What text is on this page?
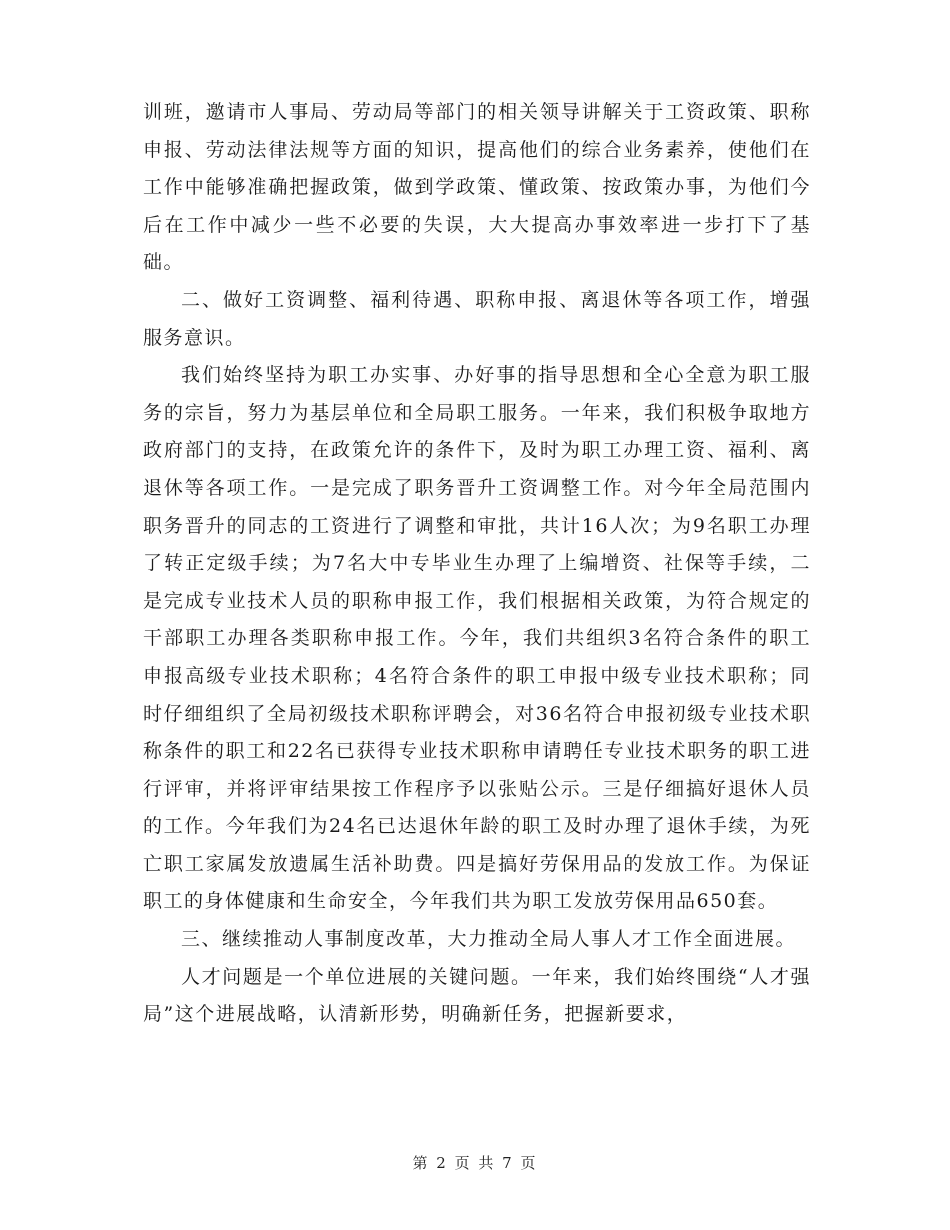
训班，邀请市人事局、劳动局等部门的相关领导讲解关于工资政策、职称申报、劳动法律法规等方面的知识，提高他们的综合业务素养，使他们在工作中能够准确把握政策，做到学政策、懂政策、按政策办事，为他们今后在工作中减少一些不必要的失误，大大提高办事效率进一步打下了基础。

二、做好工资调整、福利待遇、职称申报、离退休等各项工作，增强服务意识。

我们始终坚持为职工办实事、办好事的指导思想和全心全意为职工服务的宗旨，努力为基层单位和全局职工服务。一年来，我们积极争取地方政府部门的支持，在政策允许的条件下，及时为职工办理工资、福利、离退休等各项工作。一是完成了职务晋升工资调整工作。对今年全局范围内职务晋升的同志的工资进行了调整和审批，共计16人次；为9名职工办理了转正定级手续；为7名大中专毕业生办理了上编增资、社保等手续，二是完成专业技术人员的职称申报工作，我们根据相关政策，为符合规定的干部职工办理各类职称申报工作。今年，我们共组织3名符合条件的职工申报高级专业技术职称；4名符合条件的职工申报中级专业技术职称；同时仔细组织了全局初级技术职称评聘会，对36名符合申报初级专业技术职称条件的职工和22名已获得专业技术职称申请聘任专业技术职务的职工进行评审，并将评审结果按工作程序予以张贴公示。三是仔细搞好退休人员的工作。今年我们为24名已达退休年龄的职工及时办理了退休手续，为死亡职工家属发放遗属生活补助费。四是搞好劳保用品的发放工作。为保证职工的身体健康和生命安全，今年我们共为职工发放劳保用品650套。

三、继续推动人事制度改革，大力推动全局人事人才工作全面进展。

人才问题是一个单位进展的关键问题。一年来，我们始终围绕“人才强局”这个进展战略，认清新形势，明确新任务，把握新要求，

第 2 页 共 7 页
